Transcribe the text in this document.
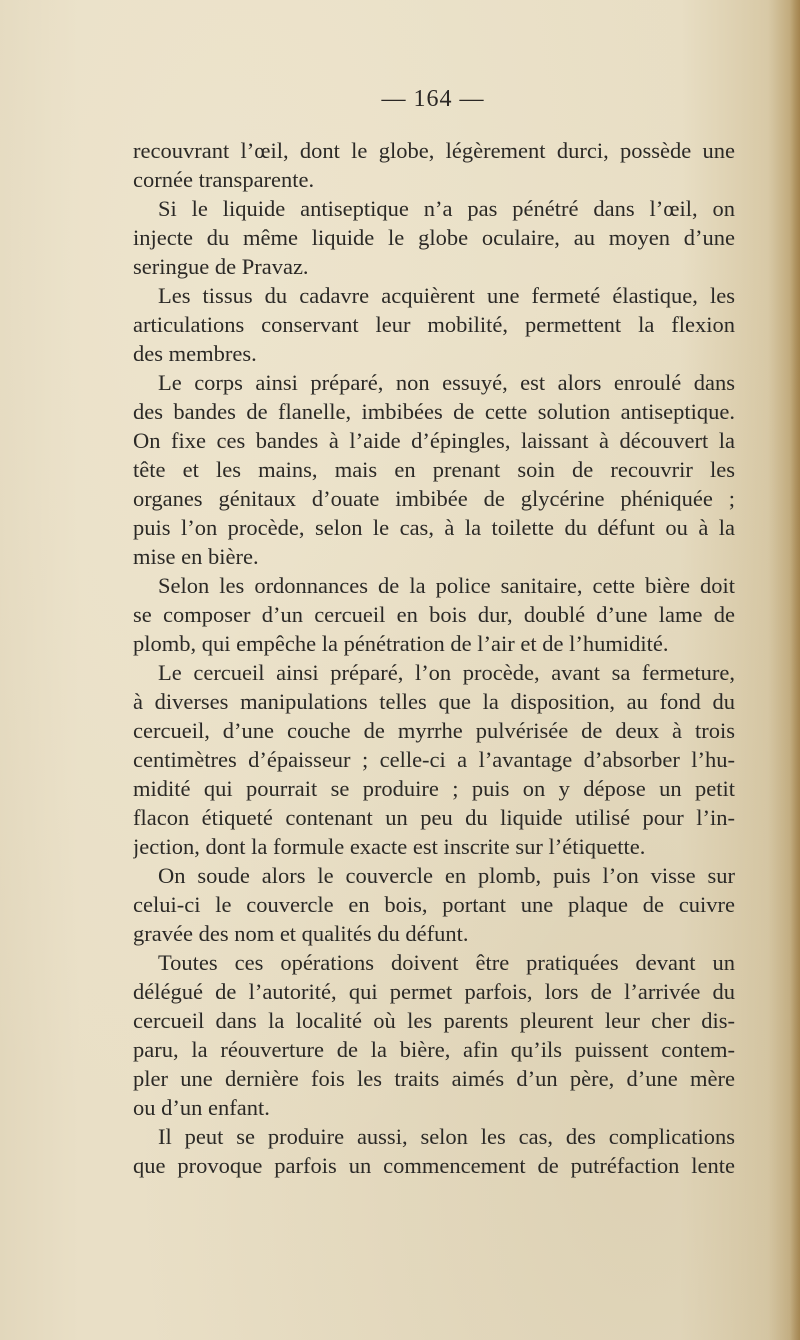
— 164 —
recouvrant l’œil, dont le globe, légèrement durci, possède une
cornée transparente.
Si le liquide antiseptique n’a pas pénétré dans l’œil, on
injecte du même liquide le globe oculaire, au moyen d’une
seringue de Pravaz.
Les tissus du cadavre acquièrent une fermeté élastique, les
articulations conservant leur mobilité, permettent la flexion
des membres.
Le corps ainsi préparé, non essuyé, est alors enroulé dans
des bandes de flanelle, imbibées de cette solution antiseptique.
On fixe ces bandes à l’aide d’épingles, laissant à découvert la
tête et les mains, mais en prenant soin de recouvrir les
organes génitaux d’ouate imbibée de glycérine phéniquée ;
puis l’on procède, selon le cas, à la toilette du défunt ou à la
mise en bière.
Selon les ordonnances de la police sanitaire, cette bière doit
se composer d’un cercueil en bois dur, doublé d’une lame de
plomb, qui empêche la pénétration de l’air et de l’humidité.
Le cercueil ainsi préparé, l’on procède, avant sa fermeture,
à diverses manipulations telles que la disposition, au fond du
cercueil, d’une couche de myrrhe pulvérisée de deux à trois
centimètres d’épaisseur ; celle-ci a l’avantage d’absorber l’hu-
midité qui pourrait se produire ; puis on y dépose un petit
flacon étiqueté contenant un peu du liquide utilisé pour l’in-
jection, dont la formule exacte est inscrite sur l’étiquette.
On soude alors le couvercle en plomb, puis l’on visse sur
celui-ci le couvercle en bois, portant une plaque de cuivre
gravée des nom et qualités du défunt.
Toutes ces opérations doivent être pratiquées devant un
délégué de l’autorité, qui permet parfois, lors de l’arrivée du
cercueil dans la localité où les parents pleurent leur cher dis-
paru, la réouverture de la bière, afin qu’ils puissent contem-
pler une dernière fois les traits aimés d’un père, d’une mère
ou d’un enfant.
Il peut se produire aussi, selon les cas, des complications
que provoque parfois un commencement de putréfaction lente
